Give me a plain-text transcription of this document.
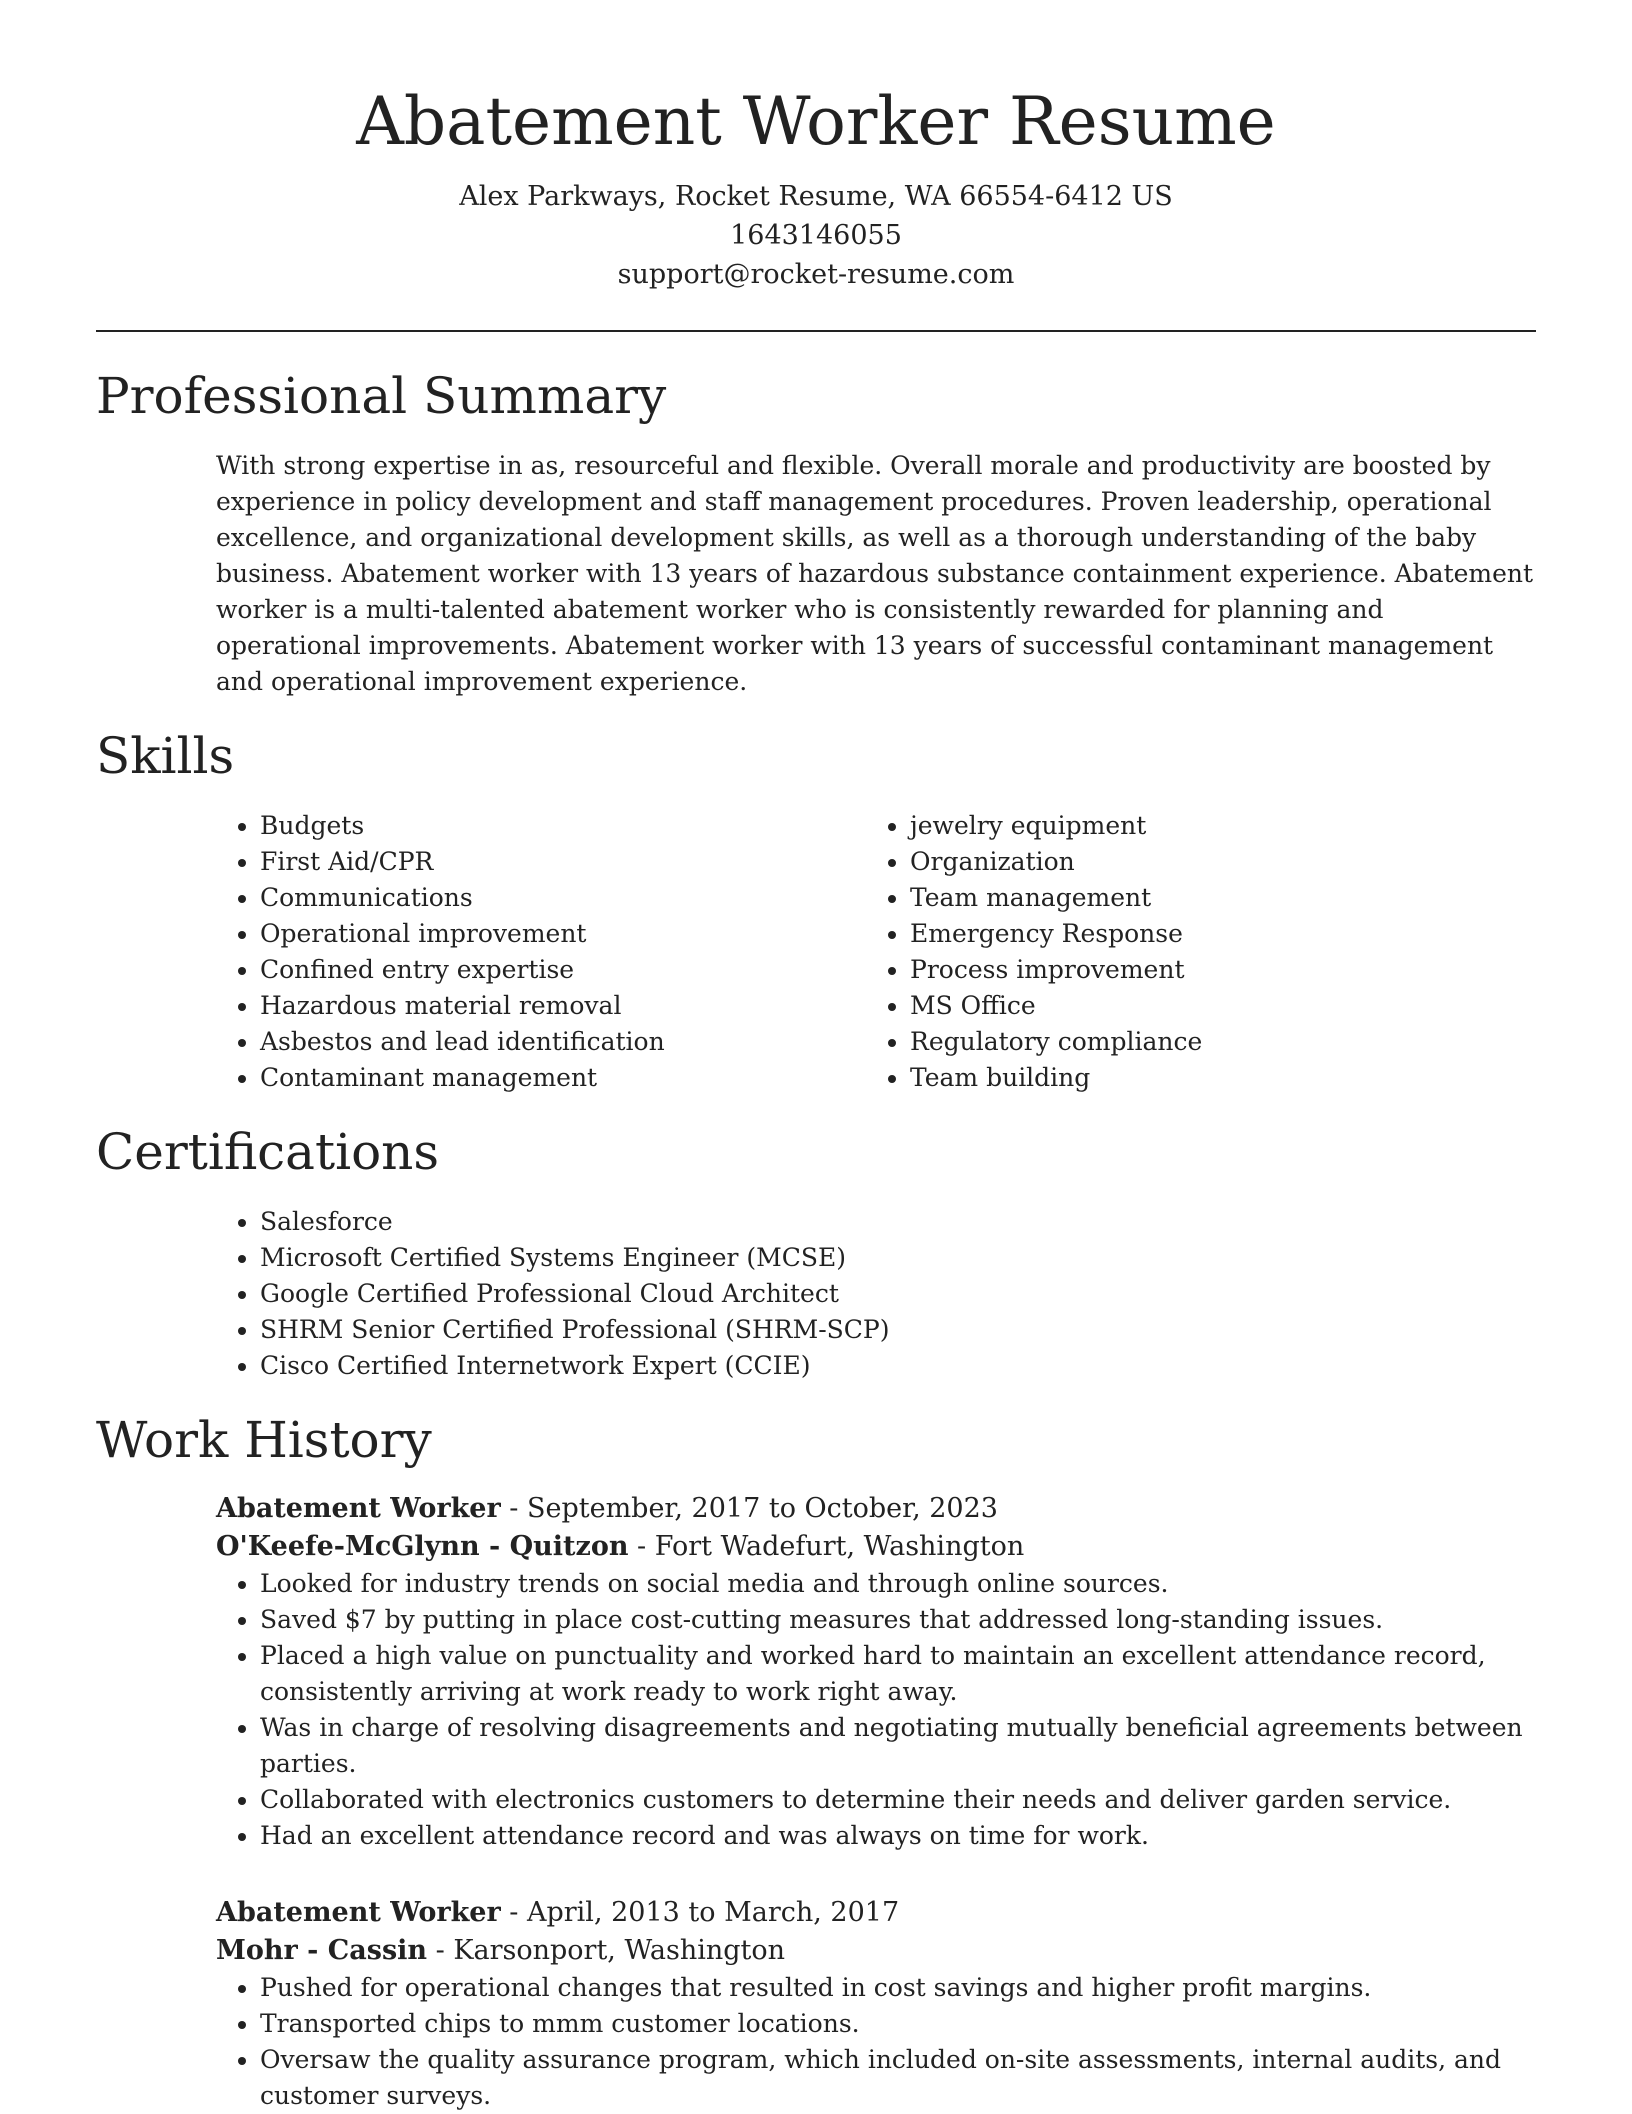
Abatement Worker Resume
Alex Parkways, Rocket Resume, WA 66554-6412 US
1643146055
support@rocket-resume.com
Professional Summary

With strong expertise in as, resourceful and flexible. Overall morale and productivity are boosted by experience in policy development and staff management procedures. Proven leadership, operational excellence, and organizational development skills, as well as a thorough understanding of the baby business. Abatement worker with 13 years of hazardous substance containment experience. Abatement worker is a multi-talented abatement worker who is consistently rewarded for planning and operational improvements. Abatement worker with 13 years of successful contaminant management and operational improvement experience.

Skills
• Budgets
• First Aid/CPR
• Communications
• Operational improvement
• Confined entry expertise
• Hazardous material removal
• Asbestos and lead identification
• Contaminant management
• jewelry equipment
• Organization
• Team management
• Emergency Response
• Process improvement
• MS Office
• Regulatory compliance
• Team building
Certifications
• Salesforce
• Microsoft Certified Systems Engineer (MCSE)
• Google Certified Professional Cloud Architect
• SHRM Senior Certified Professional (SHRM-SCP)
• Cisco Certified Internetwork Expert (CCIE)
Work History
Abatement Worker - September, 2017 to October, 2023
O'Keefe-McGlynn - Quitzon - Fort Wadefurt, Washington
• Looked for industry trends on social media and through online sources.
• Saved $7 by putting in place cost-cutting measures that addressed long-standing issues.
• Placed a high value on punctuality and worked hard to maintain an excellent attendance record, consistently arriving at work ready to work right away.
• Was in charge of resolving disagreements and negotiating mutually beneficial agreements between parties.
• Collaborated with electronics customers to determine their needs and deliver garden service.
• Had an excellent attendance record and was always on time for work.
Abatement Worker - April, 2013 to March, 2017
Mohr - Cassin - Karsonport, Washington
• Pushed for operational changes that resulted in cost savings and higher profit margins.
• Transported chips to mmm customer locations.
• Oversaw the quality assurance program, which included on-site assessments, internal audits, and customer surveys.
